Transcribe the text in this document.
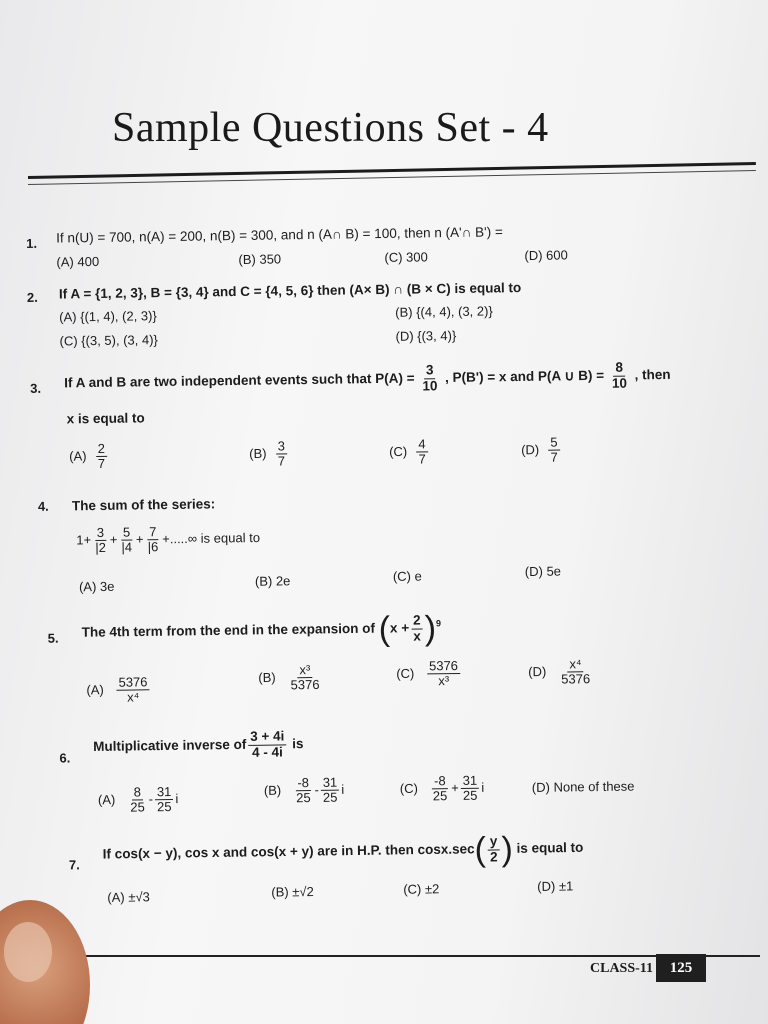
Sample Questions Set - 4
1. If n(U) = 700, n(A) = 200, n(B) = 300, and n (A∩ B) = 100, then n (A'∩ B') =
(A) 400	(B) 350	(C) 300	(D) 600
2. If A = {1, 2, 3}, B = {3, 4} and C = {4, 5, 6} then (A× B) ∩ (B × C) is equal to
(A) {(1, 4), (2, 3)}	(B) {(4, 4), (3, 2)}
(C) {(3, 5), (3, 4)}	(D) {(3, 4)}
3. If A and B are two independent events such that $P(A) = \frac{3}{10}$ , P(B') = x and P(A ∪ $B) = \frac{8}{10}$ , then
x is equal to
$(A) \frac{2}{7}$	$(B) \frac{3}{7}$	$(C) \frac{4}{7}$	$(D) \frac{5}{7}$
4. The sum of the series:
$1+ \frac{3}{|2} + \frac{5}{|4} + \frac{7}{|6}$ +.....∞ is equal to
(A) 3e	(B) 2e	(C) e	(D) 5e
5. The 4th term from the end in the expansion of $(x + \frac{2}{x} )^9$
$(A) \frac{5376}{\text{x⁴}}$	$(B) \frac{\text{x³}}{5376}$	$(C) \frac{5376}{\text{x³}}$	$(D) \frac{\text{x⁴}}{5376}$
6.
Multiplicative inverse of $\frac{3 + 4i}{4 - 4i}$ is
$(A) \frac{8}{25} - \frac{31}{25}$ i
$(B) \frac{-8}{25} - \frac{31}{25}$ i	$(C) \frac{-8}{25} + \frac{31}{25}$ i	(D) None of these
7.
If cos(x − y), cos x and cos(x + y) are in H.P. then $\cos x.\sec( \frac{y}{2}$ ) is equal to
(A) ±√3	(B) ±√2	(C) ±2	(D) ±1
CLASS-11	125
